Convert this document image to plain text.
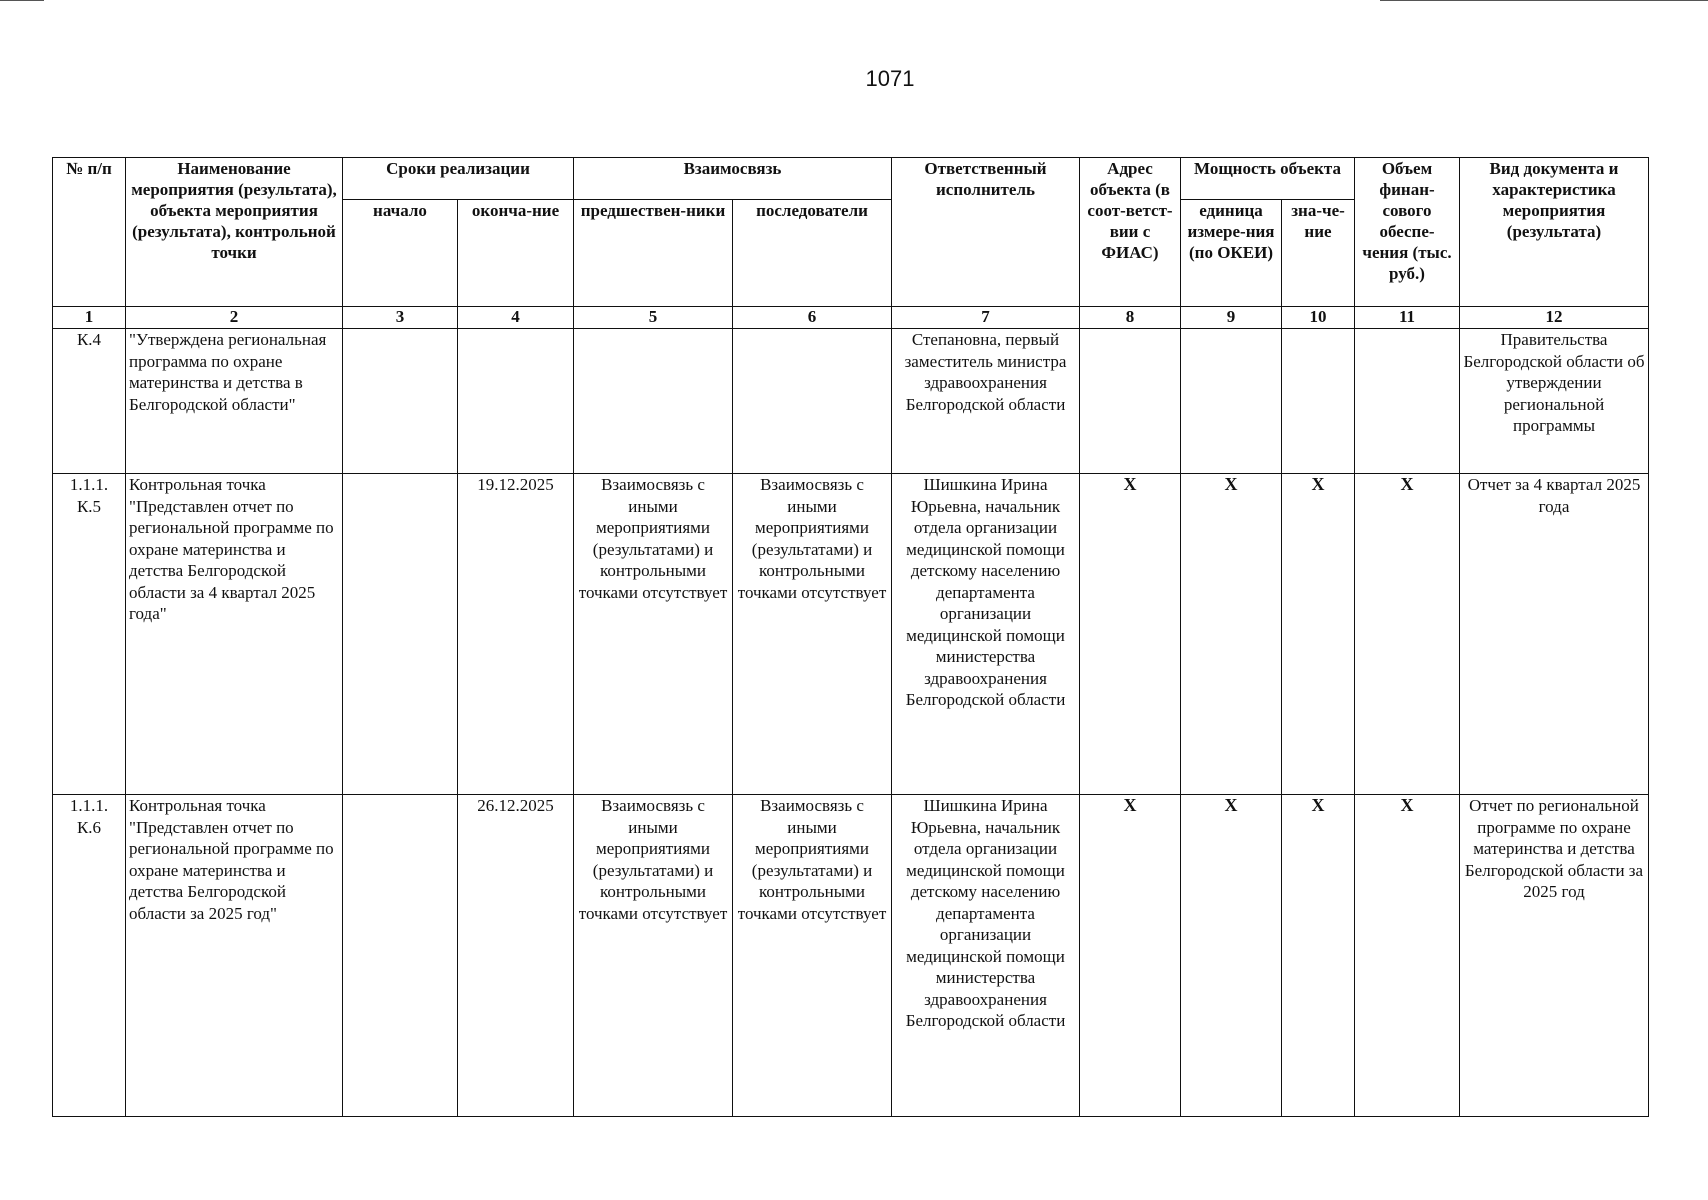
1071
№ п/п	Наименование мероприятия (результата), объекта мероприятия (результата), контрольной точки	Сроки реализации		Взаимосвязь		Ответственный исполнитель	Адрес объекта (в соот-ветст-вии с ФИАС)	Мощность объекта		Объем финан-сового обеспе-чения (тыс. руб.)	Вид документа и характеристика мероприятия (результата)
		начало	оконча-ние	предшествен-ники	последователи			единица измере-ния (по ОКЕИ)	зна-че-ние		
1	2	3	4	5	6	7	8	9	10	11	12
К.4	"Утверждена региональная программа по охране материнства и детства в Белгородской области"					Степановна, первый заместитель министра здравоохранения Белгородской области					Правительства Белгородской области об утверждении региональной программы
1.1.1. К.5	Контрольная точка "Представлен отчет по региональной программе по охране материнства и детства Белгородской области за 4 квартал 2025 года"		19.12.2025	Взаимосвязь с иными мероприятиями (результатами) и контрольными точками отсутствует	Взаимосвязь с иными мероприятиями (результатами) и контрольными точками отсутствует	Шишкина Ирина Юрьевна, начальник отдела организации медицинской помощи детскому населению департамента организации медицинской помощи министерства здравоохранения Белгородской области	Х	Х	Х	Х	Отчет за 4 квартал 2025 года
1.1.1. К.6	Контрольная точка "Представлен отчет по региональной программе по охране материнства и детства Белгородской области за 2025 год"		26.12.2025	Взаимосвязь с иными мероприятиями (результатами) и контрольными точками отсутствует	Взаимосвязь с иными мероприятиями (результатами) и контрольными точками отсутствует	Шишкина Ирина Юрьевна, начальник отдела организации медицинской помощи детскому населению департамента организации медицинской помощи министерства здравоохранения Белгородской области	Х	Х	Х	Х	Отчет по региональной программе по охране материнства и детства Белгородской области за 2025 год
